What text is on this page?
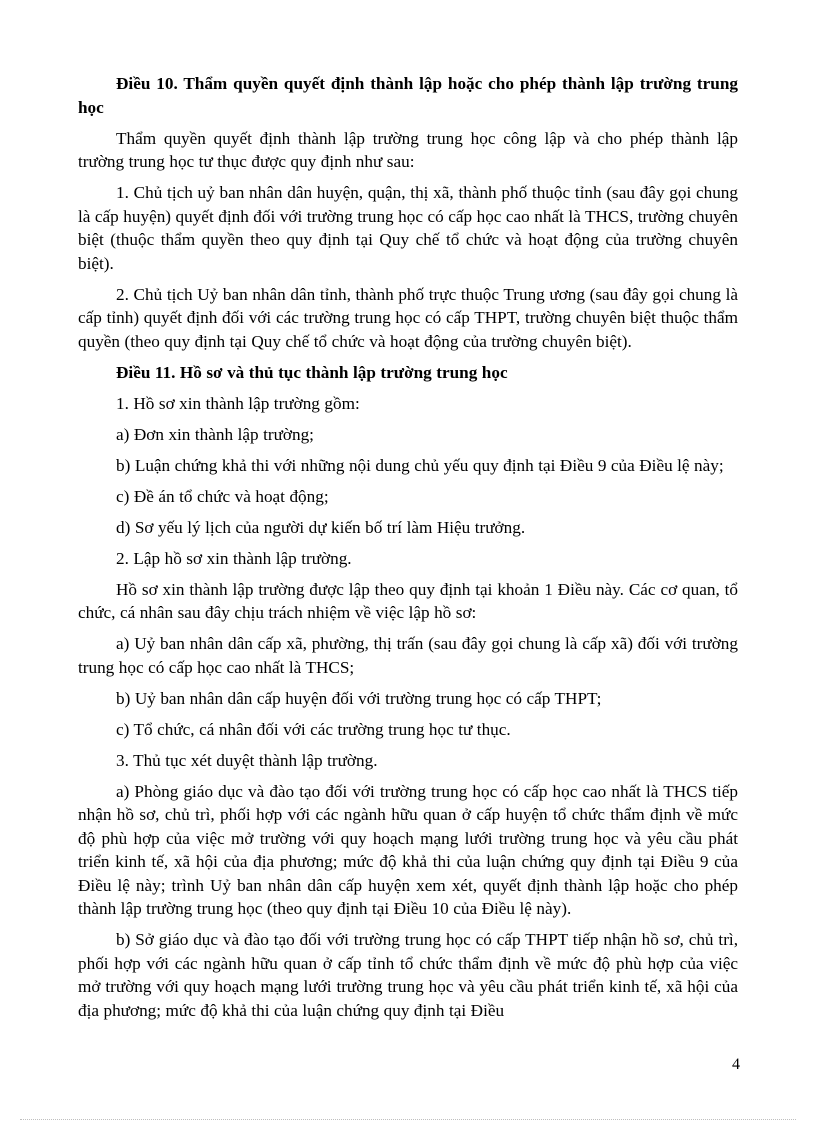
Điều 10. Thẩm quyền quyết định thành lập hoặc cho phép thành lập trường trung học

Thẩm quyền quyết định thành lập trường trung học công lập và cho phép thành lập trường trung học tư thục được quy định như sau:

1. Chủ tịch uỷ ban nhân dân huyện, quận, thị xã, thành phố thuộc tỉnh (sau đây gọi chung là cấp huyện) quyết định đối với trường trung học có cấp học cao nhất là THCS, trường chuyên biệt (thuộc thẩm quyền theo quy định tại Quy chế tổ chức và hoạt động của trường chuyên biệt).

2. Chủ tịch Uỷ ban nhân dân tỉnh, thành phố trực thuộc Trung ương (sau đây gọi chung là cấp tỉnh) quyết định đối với các trường trung học có cấp THPT, trường chuyên biệt thuộc thẩm quyền (theo quy định tại Quy chế tổ chức và hoạt động của trường chuyên biệt).

Điều 11. Hồ sơ và thủ tục thành lập trường trung học

1. Hồ sơ xin thành lập trường gồm:

a) Đơn xin thành lập trường;

b) Luận chứng khả thi với những nội dung chủ yếu quy định tại Điều 9 của Điều lệ này;

c) Đề án tổ chức và hoạt động;

d) Sơ yếu lý lịch của người dự kiến bố trí làm Hiệu trưởng.

2. Lập hồ sơ xin thành lập trường.

Hồ sơ xin thành lập trường được lập theo quy định tại khoản 1 Điều này. Các cơ quan, tổ chức, cá nhân sau đây chịu trách nhiệm về việc lập hồ sơ:

a) Uỷ ban nhân dân cấp xã, phường, thị trấn (sau đây gọi chung là cấp xã) đối với trường trung học có cấp học cao nhất là THCS;

b) Uỷ ban nhân dân cấp huyện đối với trường trung học có cấp THPT;

c) Tổ chức, cá nhân đối với các trường trung học tư thục.

3. Thủ tục xét duyệt thành lập trường.

a) Phòng giáo dục và đào tạo đối với trường trung học có cấp học cao nhất là THCS tiếp nhận hồ sơ, chủ trì, phối hợp với các ngành hữu quan ở cấp huyện tổ chức thẩm định về mức độ phù hợp của việc mở trường với quy hoạch mạng lưới trường trung học và yêu cầu phát triển kinh tế, xã hội của địa phương; mức độ khả thi của luận chứng quy định tại Điều 9 của Điều lệ này; trình Uỷ ban nhân dân cấp huyện xem xét, quyết định thành lập hoặc cho phép thành lập trường trung học (theo quy định tại Điều 10 của Điều lệ này).

b) Sở giáo dục và đào tạo đối với trường trung học có cấp THPT tiếp nhận hồ sơ, chủ trì, phối hợp với các ngành hữu quan ở cấp tỉnh tổ chức thẩm định về mức độ phù hợp của việc mở trường với quy hoạch mạng lưới trường trung học và yêu cầu phát triển kinh tế, xã hội của địa phương; mức độ khả thi của luận chứng quy định tại Điều

4
